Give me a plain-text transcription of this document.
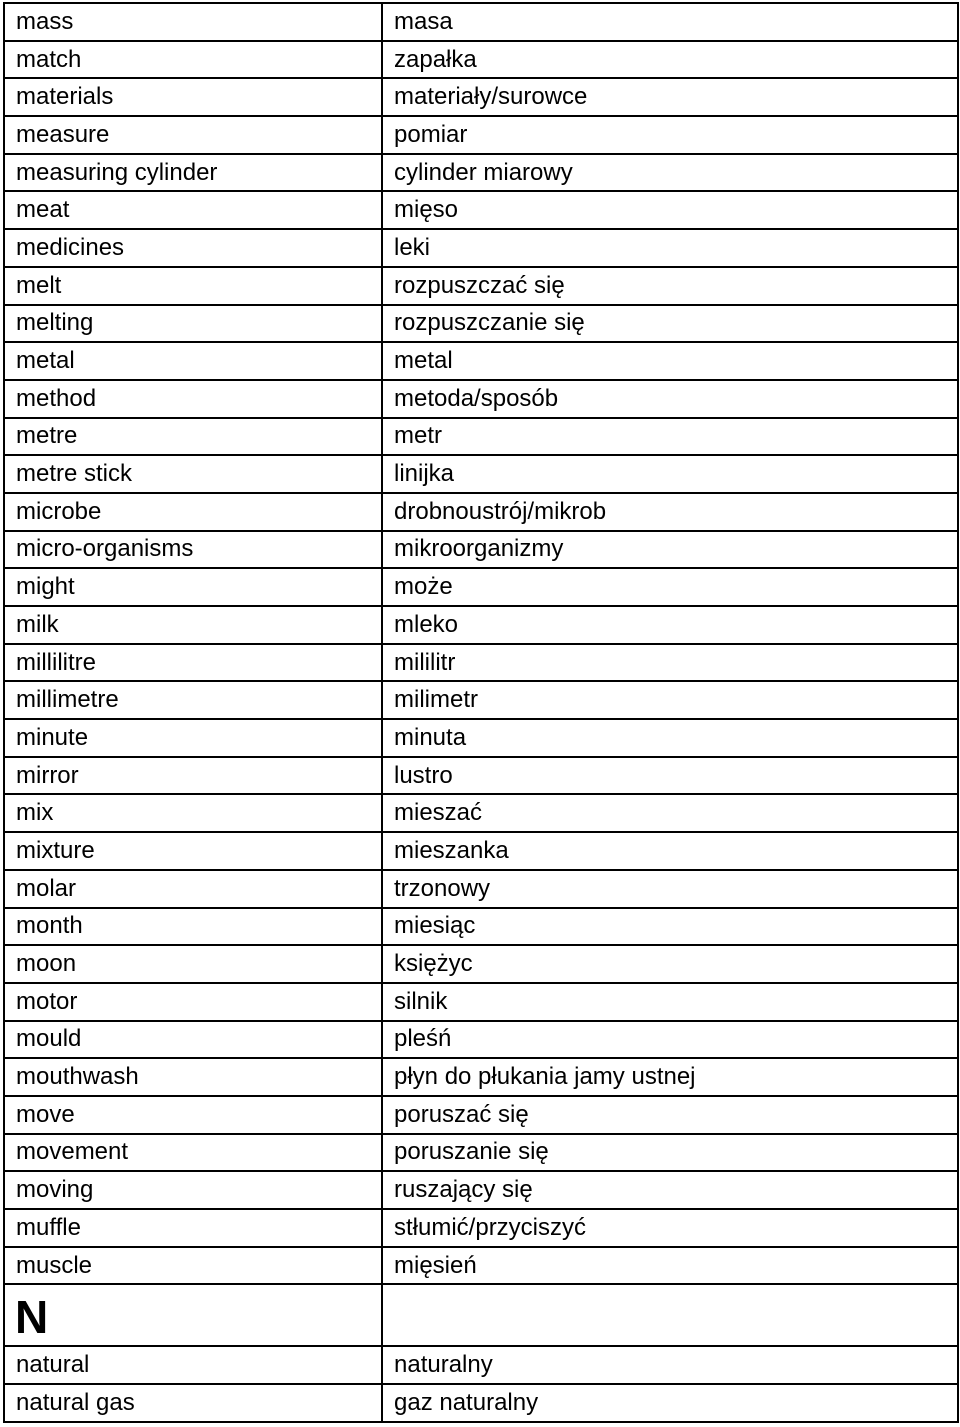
mass	masa
match	zapałka
materials	materiały/surowce
measure	pomiar
measuring cylinder	cylinder miarowy
meat	mięso
medicines	leki
melt	rozpuszczać się
melting	rozpuszczanie się
metal	metal
method	metoda/sposób
metre	metr
metre stick	linijka
microbe	drobnoustrój/mikrob
micro-organisms	mikroorganizmy
might	może
milk	mleko
millilitre	mililitr
millimetre	milimetr
minute	minuta
mirror	lustro
mix	mieszać
mixture	mieszanka
molar	trzonowy
month	miesiąc
moon	księżyc
motor	silnik
mould	pleśń
mouthwash	płyn do płukania jamy ustnej
move	poruszać się
movement	poruszanie się
moving	ruszający się
muffle	stłumić/przyciszyć
muscle	mięsień
N	
natural	naturalny
natural gas	gaz naturalny
